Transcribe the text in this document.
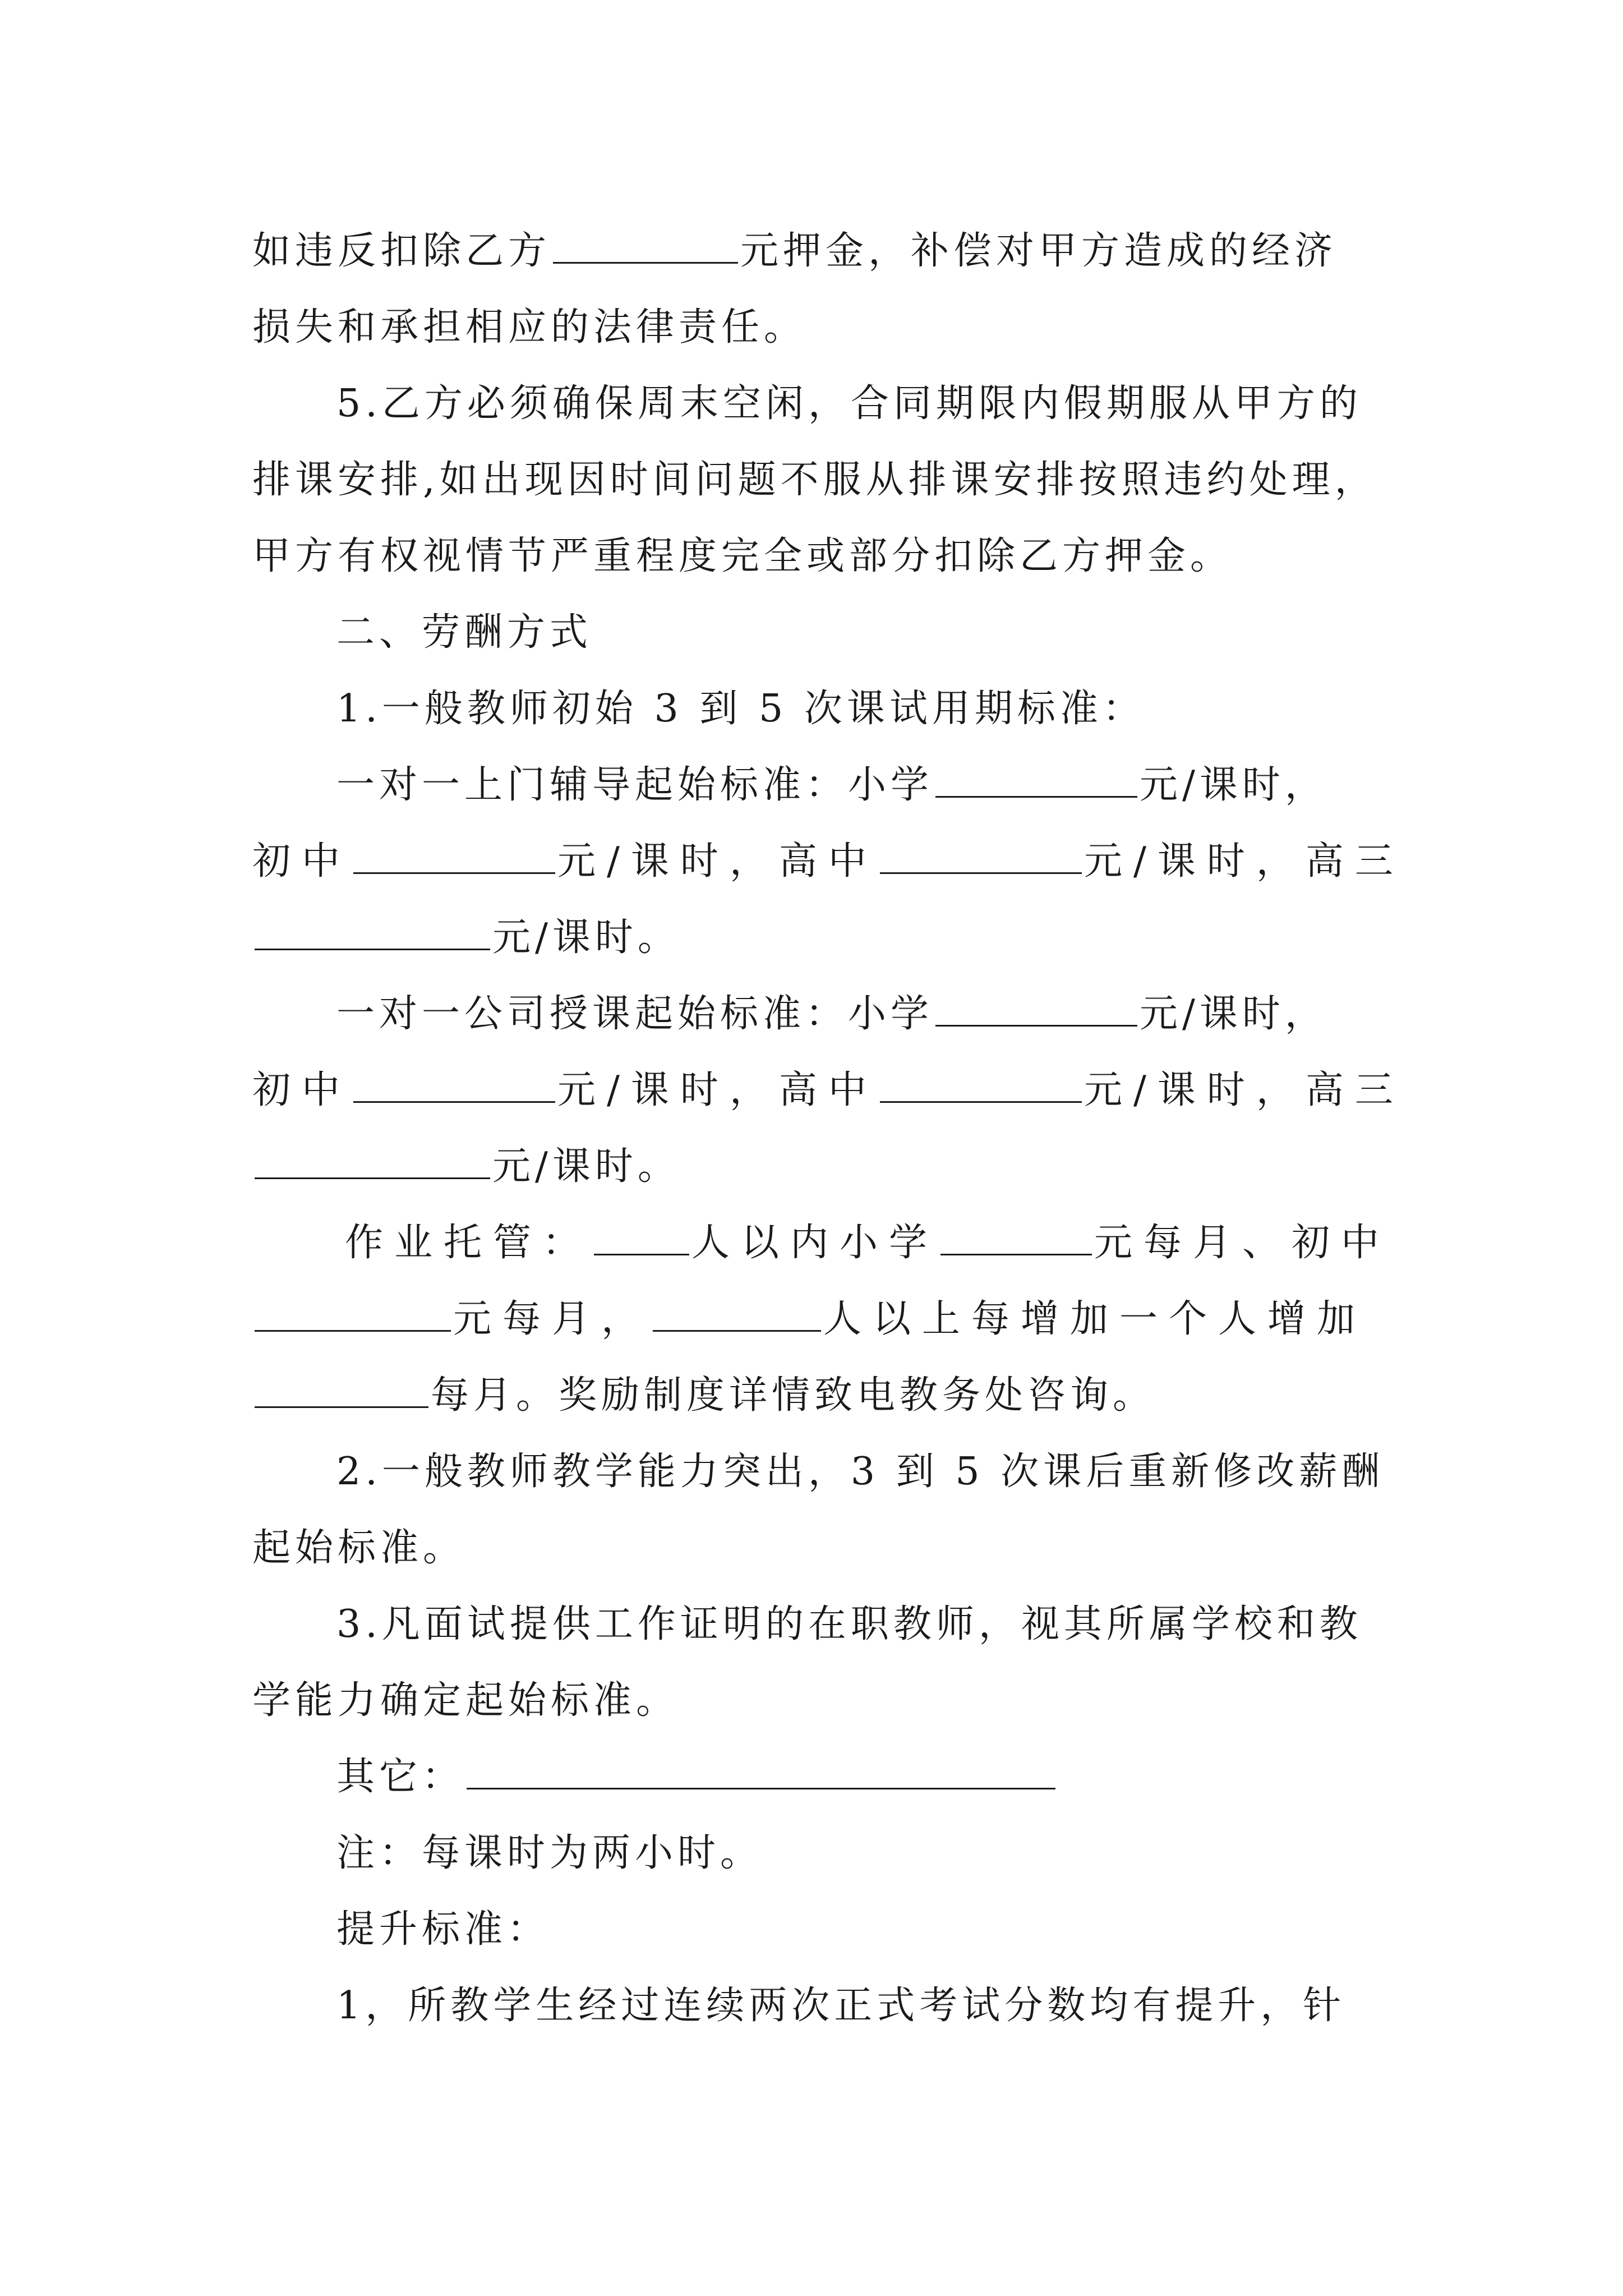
如违反扣除乙方	元押金，补偿对甲方造成的经济
损失和承担相应的法律责任。
5.乙方必须确保周末空闲，合同期限内假期服从甲方的
排课安排,如出现因时间问题不服从排课安排按照违约处理，
甲方有权视情节严重程度完全或部分扣除乙方押金。
二、劳酬方式
1.一般教师初始 3 到 5 次课试用期标准：
一对一上门辅导起始标准：小学	元/课时，
初中	元/课时，高中	元/课时，高三
元/课时。
一对一公司授课起始标准：小学	元/课时，
初中	元/课时，高中	元/课时，高三
元/课时。
作业托管：	人以内小学	元每月、初中
元每月，	人以上每增加一个人增加
每月。奖励制度详情致电教务处咨询。
2.一般教师教学能力突出，3 到 5 次课后重新修改薪酬
起始标准。
3.凡面试提供工作证明的在职教师，视其所属学校和教
学能力确定起始标准。
其它：
注：每课时为两小时。
提升标准：
1，所教学生经过连续两次正式考试分数均有提升，针
